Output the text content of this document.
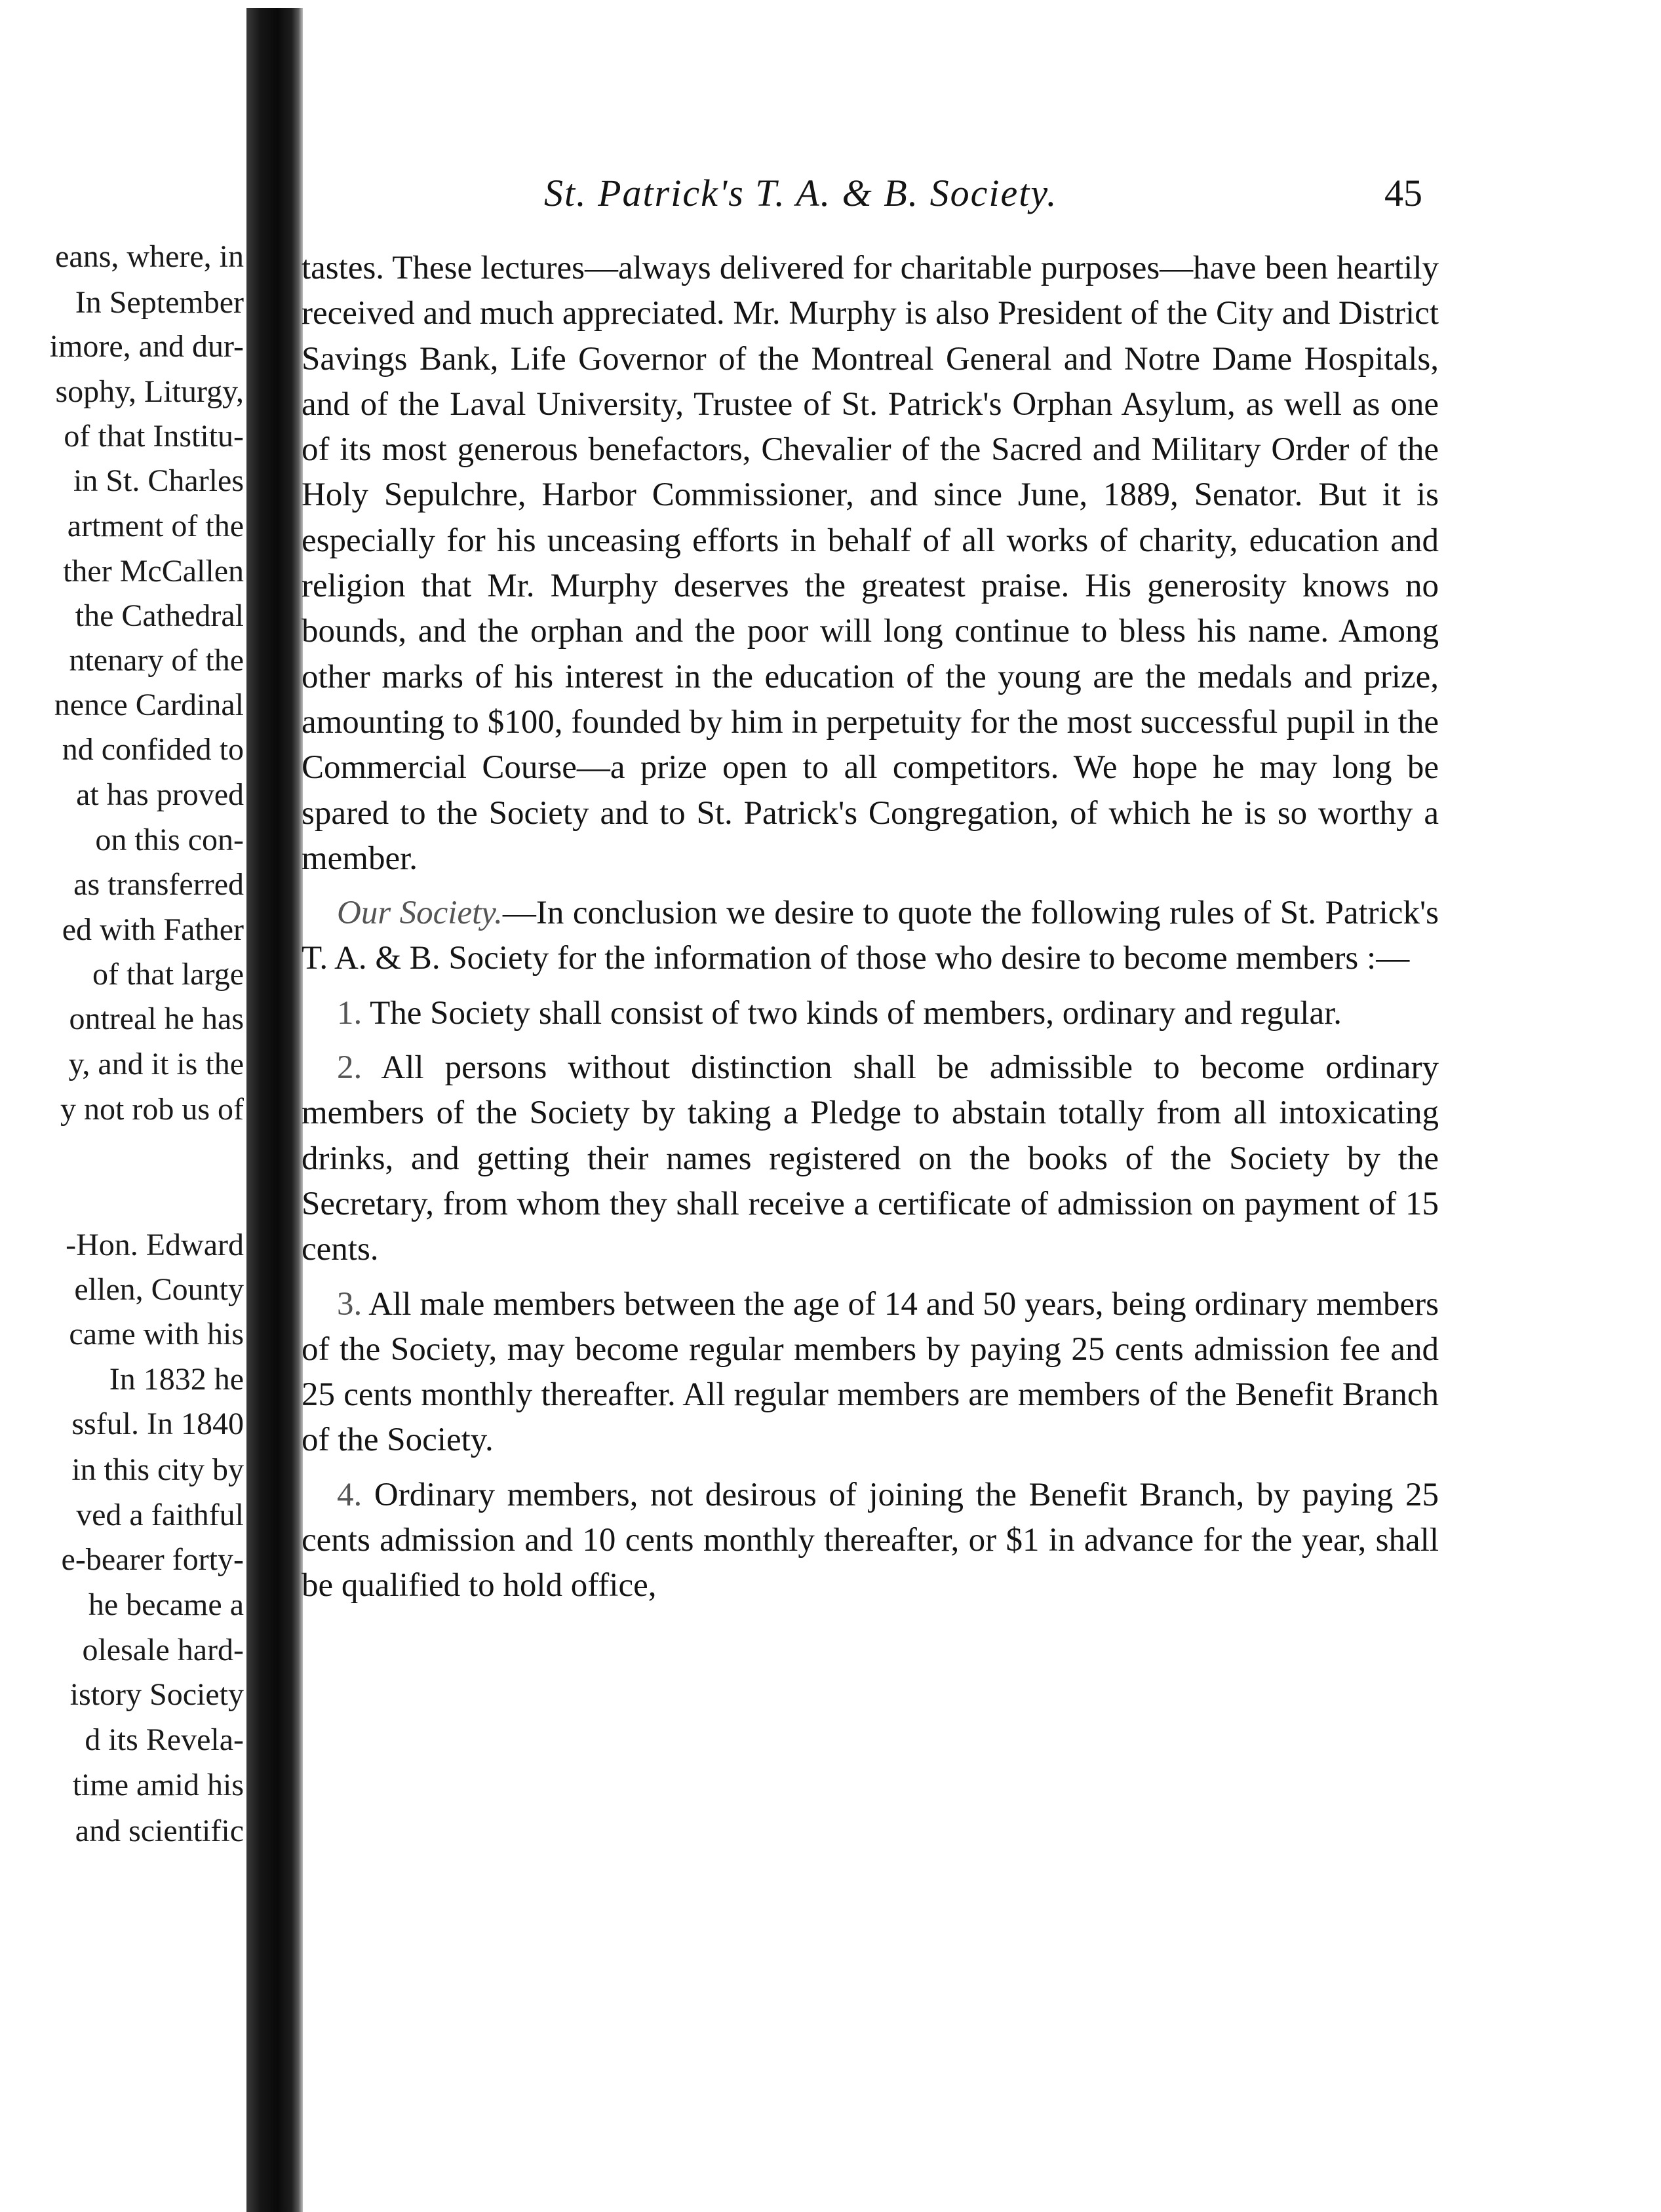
eans, where, in
In September
imore, and dur-
sophy, Liturgy,
of that Institu-
in St. Charles
artment of the
ther McCallen
the Cathedral
ntenary of the
nence Cardinal
nd confided to
at has proved
on this con-
as transferred
ed with Father
of that large
ontreal he has
y, and it is the
y not rob us of
-Hon. Edward
ellen, County
came with his
In 1832 he
ssful. In 1840
in this city by
ved a faithful
e-bearer forty-
he became a
olesale hard-
istory Society
d its Revela-
time amid his
and scientific
St. Patrick's T. A. & B. Society.	45

tastes. These lectures—always delivered for charitable purposes—have been heartily received and much appreciated. Mr. Murphy is also President of the City and District Savings Bank, Life Governor of the Montreal General and Notre Dame Hospitals, and of the Laval University, Trustee of St. Patrick's Orphan Asylum, as well as one of its most generous benefactors, Chevalier of the Sacred and Military Order of the Holy Sepulchre, Harbor Commissioner, and since June, 1889, Senator. But it is especially for his unceasing efforts in behalf of all works of charity, education and religion that Mr. Murphy deserves the greatest praise. His generosity knows no bounds, and the orphan and the poor will long continue to bless his name. Among other marks of his interest in the education of the young are the medals and prize, amounting to $100, founded by him in perpetuity for the most successful pupil in the Commercial Course—a prize open to all competitors. We hope he may long be spared to the Society and to St. Patrick's Congregation, of which he is so worthy a member.

Our Society.—In conclusion we desire to quote the following rules of St. Patrick's T. A. & B. Society for the information of those who desire to become members :—

1. The Society shall consist of two kinds of members, ordinary and regular.

2. All persons without distinction shall be admissible to become ordinary members of the Society by taking a Pledge to abstain totally from all intoxicating drinks, and getting their names registered on the books of the Society by the Secretary, from whom they shall receive a certificate of admission on payment of 15 cents.

3. All male members between the age of 14 and 50 years, being ordinary members of the Society, may become regular members by paying 25 cents admission fee and 25 cents monthly thereafter. All regular members are members of the Benefit Branch of the Society.

4. Ordinary members, not desirous of joining the Benefit Branch, by paying 25 cents admission and 10 cents monthly thereafter, or $1 in advance for the year, shall be qualified to hold office,
